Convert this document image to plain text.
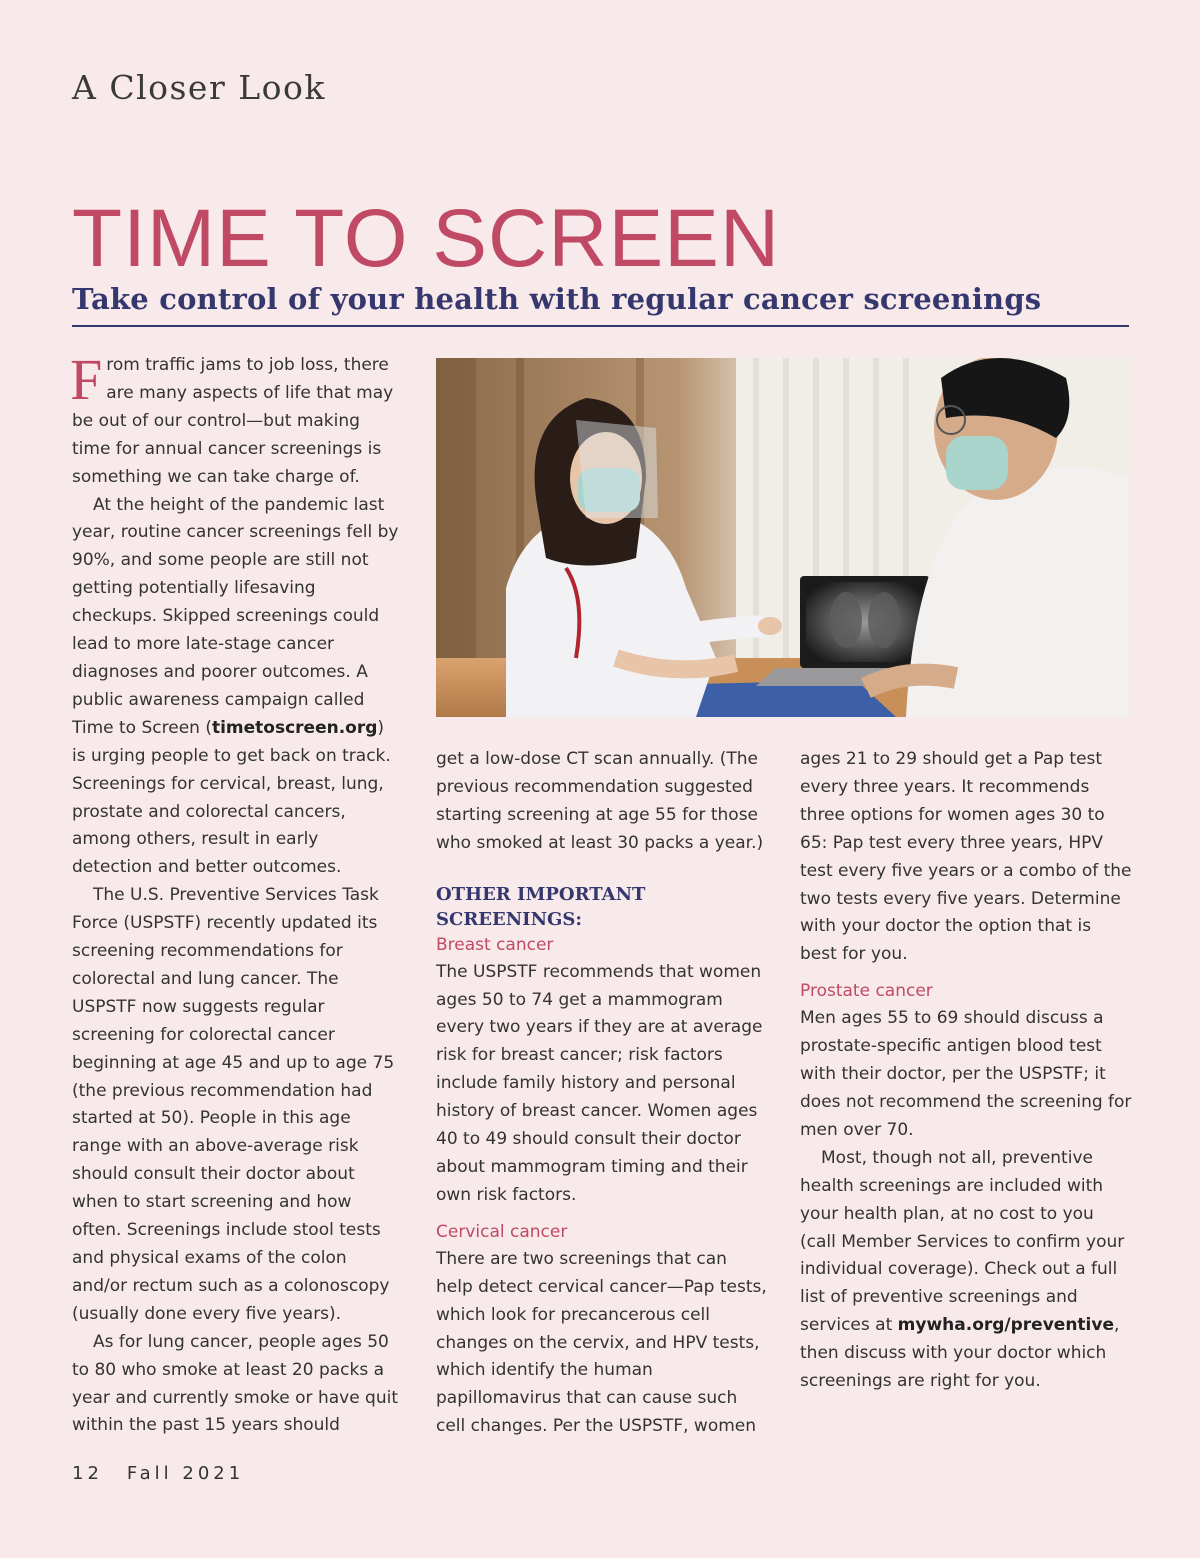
A Closer Look
TIME TO SCREEN
Take control of your health with regular cancer screenings

From traffic jams to job loss, there are many aspects of life that may be out of our control—but making time for annual cancer screenings is something we can take charge of.

At the height of the pandemic last year, routine cancer screenings fell by 90%, and some people are still not getting potentially lifesaving checkups. Skipped screenings could lead to more late-stage cancer diagnoses and poorer outcomes. A public awareness campaign called Time to Screen (timetoscreen.org) is urging people to get back on track. Screenings for cervical, breast, lung, prostate and colorectal cancers, among others, result in early detection and better outcomes.

The U.S. Preventive Services Task Force (USPSTF) recently updated its screening recommendations for colorectal and lung cancer. The USPSTF now suggests regular screening for colorectal cancer beginning at age 45 and up to age 75 (the previous recommendation had started at 50). People in this age range with an above-average risk should consult their doctor about when to start screening and how often. Screenings include stool tests and physical exams of the colon and/or rectum such as a colonoscopy (usually done every five years).

As for lung cancer, people ages 50 to 80 who smoke at least 20 packs a year and currently smoke or have quit within the past 15 years should

get a low-dose CT scan annually. (The previous recommendation suggested starting screening at age 55 for those who smoked at least 30 packs a year.)

OTHER IMPORTANT SCREENINGS:
Breast cancer

The USPSTF recommends that women ages 50 to 74 get a mammogram every two years if they are at average risk for breast cancer; risk factors include family history and personal history of breast cancer. Women ages 40 to 49 should consult their doctor about mammogram timing and their own risk factors.

Cervical cancer

There are two screenings that can help detect cervical cancer—Pap tests, which look for precancerous cell changes on the cervix, and HPV tests, which identify the human papillomavirus that can cause such cell changes. Per the USPSTF, women

ages 21 to 29 should get a Pap test every three years. It recommends three options for women ages 30 to 65: Pap test every three years, HPV test every five years or a combo of the two tests every five years. Determine with your doctor the option that is best for you.

Prostate cancer

Men ages 55 to 69 should discuss a prostate-specific antigen blood test with their doctor, per the USPSTF; it does not recommend the screening for men over 70.

Most, though not all, preventive health screenings are included with your health plan, at no cost to you (call Member Services to confirm your individual coverage). Check out a full list of preventive screenings and services at mywha.org/preventive, then discuss with your doctor which screenings are right for you.

12 Fall 2021
